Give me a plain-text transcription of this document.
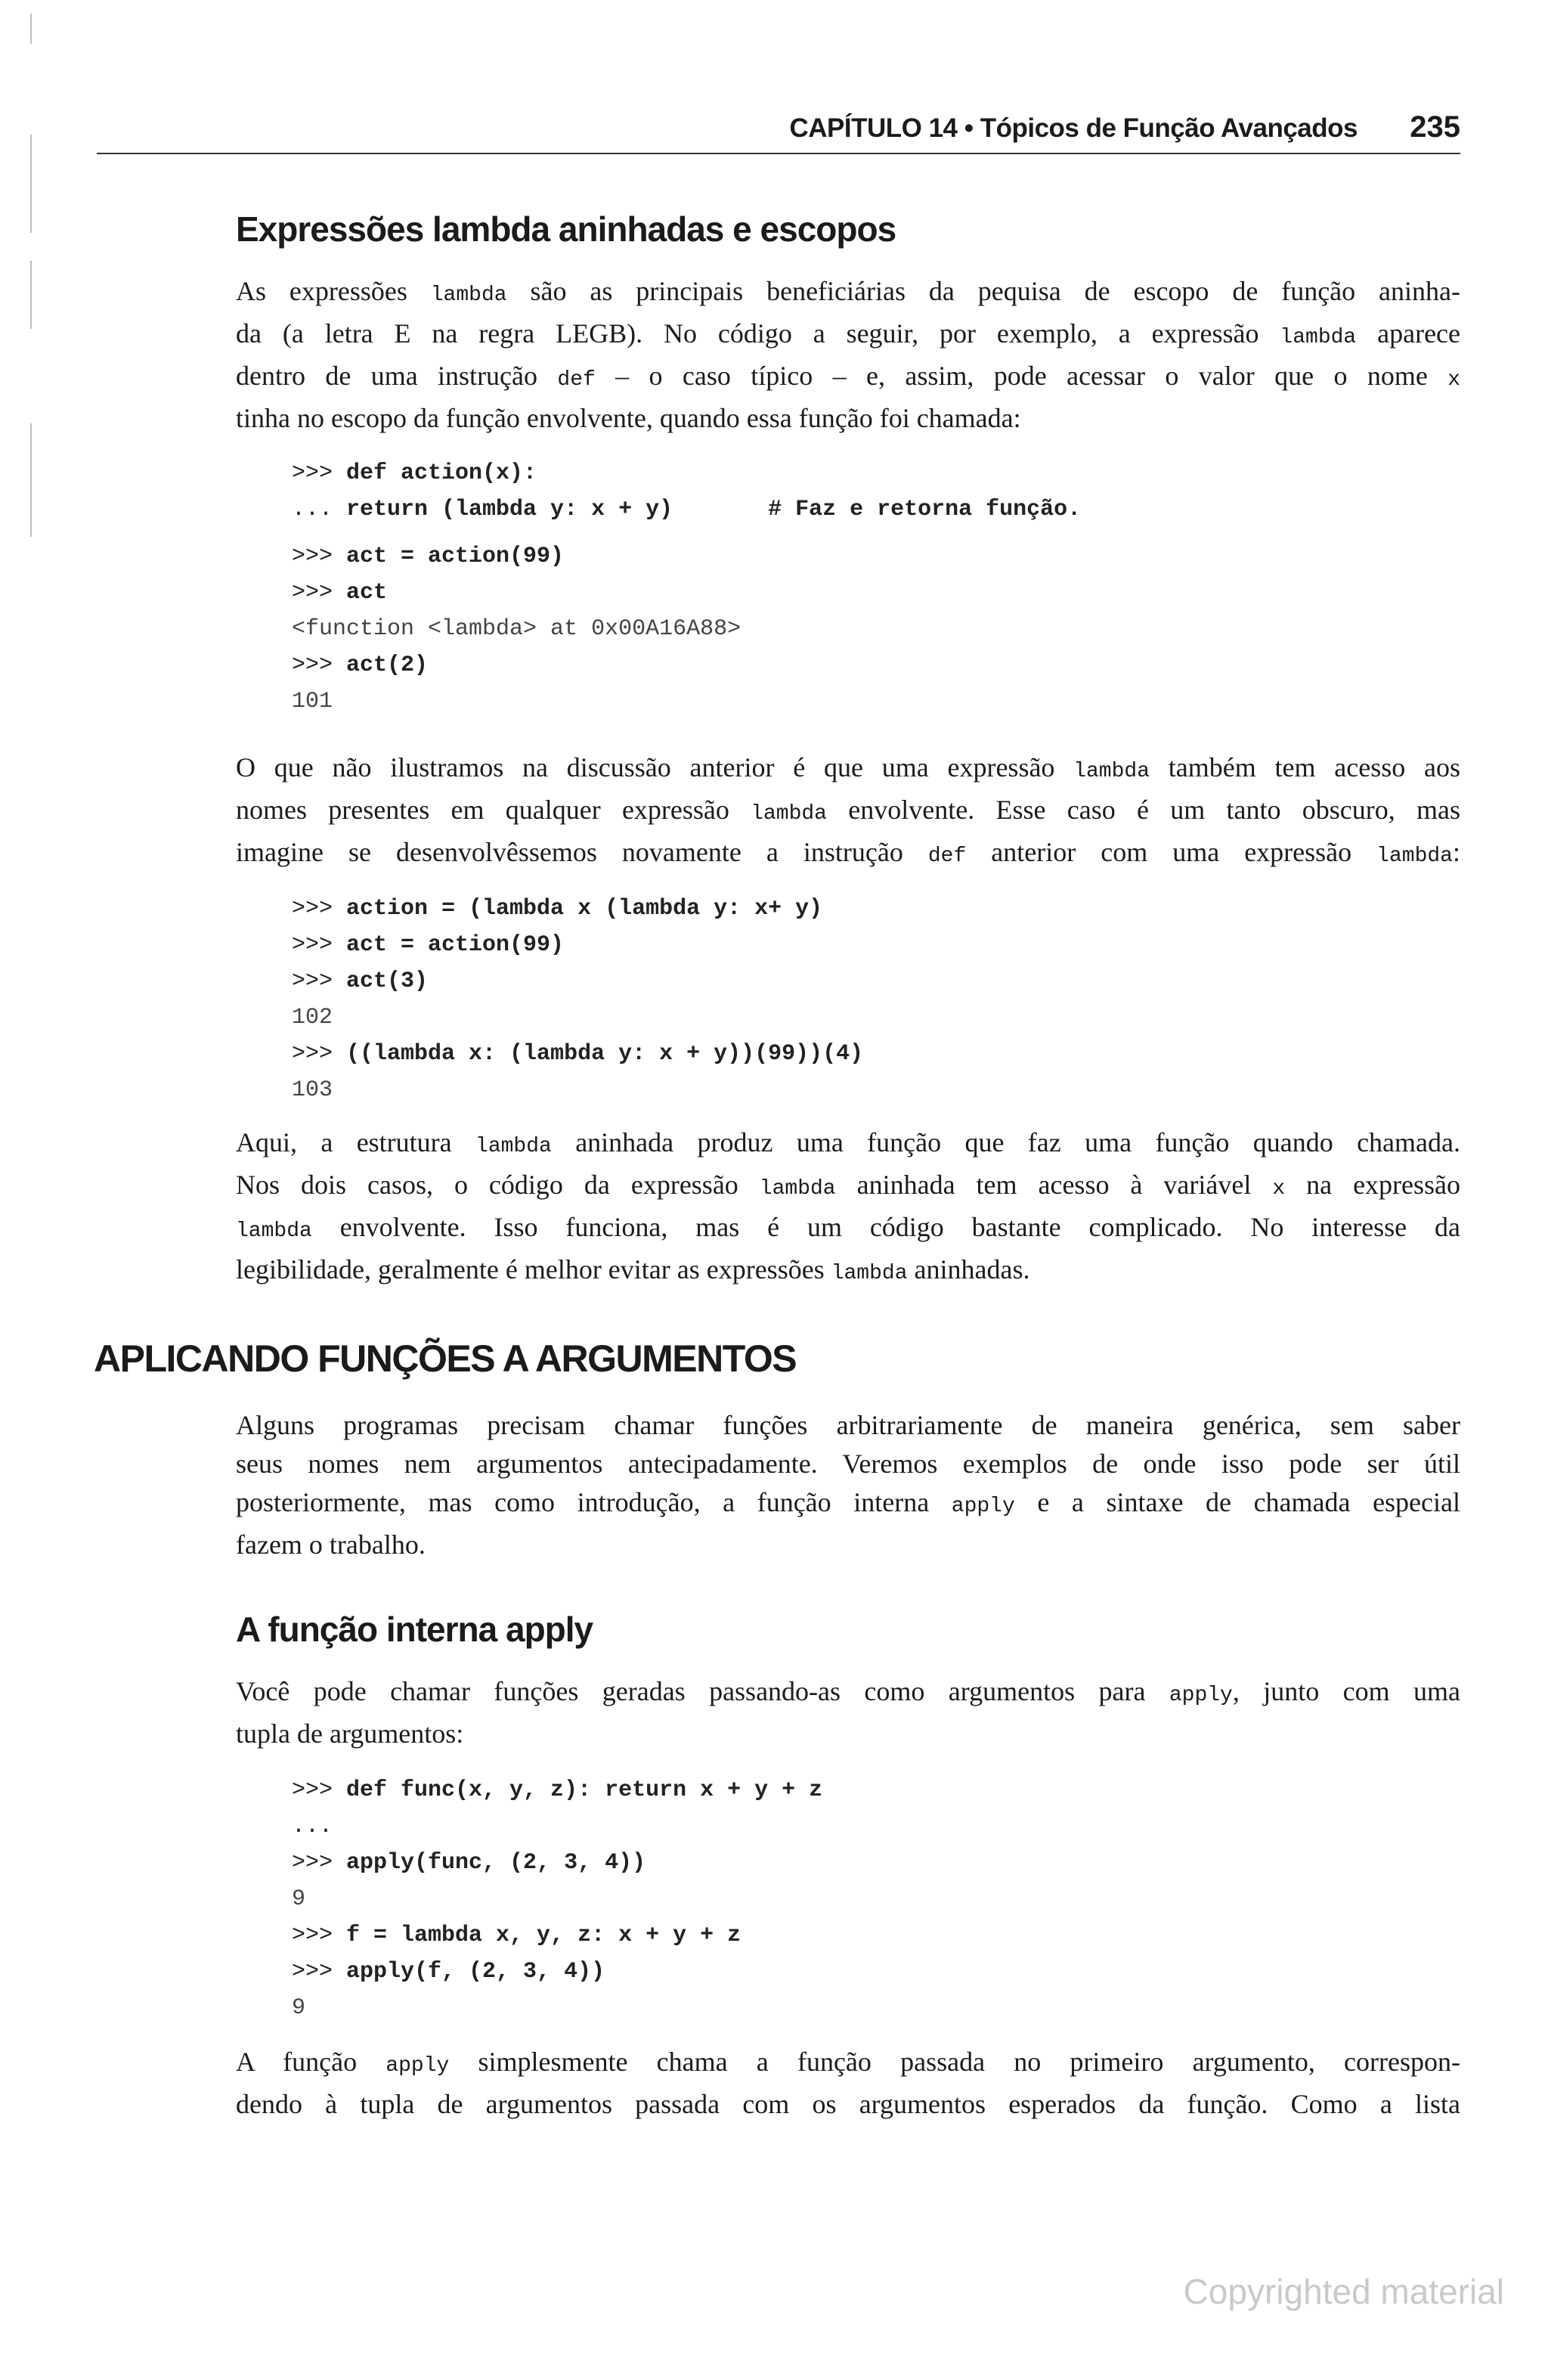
CAPÍTULO 14 • Tópicos de Função Avançados 235
Expressões lambda aninhadas e escopos
As expressões lambda são as principais beneficiárias da pequisa de escopo de função aninha-
da (a letra E na regra LEGB). No código a seguir, por exemplo, a expressão lambda aparece
dentro de uma instrução def – o caso típico – e, assim, pode acessar o valor que o nome x
tinha no escopo da função envolvente, quando essa função foi chamada:
>>> def action(x):
... return (lambda y: x + y)       # Faz e retorna função.
>>> act = action(99)
>>> act
<function <lambda> at 0x00A16A88>
>>> act(2)
101
O que não ilustramos na discussão anterior é que uma expressão lambda também tem acesso aos
nomes presentes em qualquer expressão lambda envolvente. Esse caso é um tanto obscuro, mas
imagine se desenvolvêssemos novamente a instrução def anterior com uma expressão lambda:
>>> action = (lambda x (lambda y: x+ y)
>>> act = action(99)
>>> act(3)
102
>>> ((lambda x: (lambda y: x + y))(99))(4)
103
Aqui, a estrutura lambda aninhada produz uma função que faz uma função quando chamada.
Nos dois casos, o código da expressão lambda aninhada tem acesso à variável x na expressão
lambda envolvente. Isso funciona, mas é um código bastante complicado. No interesse da
legibilidade, geralmente é melhor evitar as expressões lambda aninhadas.
APLICANDO FUNÇÕES A ARGUMENTOS
Alguns programas precisam chamar funções arbitrariamente de maneira genérica, sem saber
seus nomes nem argumentos antecipadamente. Veremos exemplos de onde isso pode ser útil
posteriormente, mas como introdução, a função interna apply e a sintaxe de chamada especial
fazem o trabalho.
A função interna apply
Você pode chamar funções geradas passando-as como argumentos para apply, junto com uma
tupla de argumentos:
>>> def func(x, y, z): return x + y + z
...
>>> apply(func, (2, 3, 4))
9
>>> f = lambda x, y, z: x + y + z
>>> apply(f, (2, 3, 4))
9
A função apply simplesmente chama a função passada no primeiro argumento, correspon-
dendo à tupla de argumentos passada com os argumentos esperados da função. Como a lista
Copyrighted material
